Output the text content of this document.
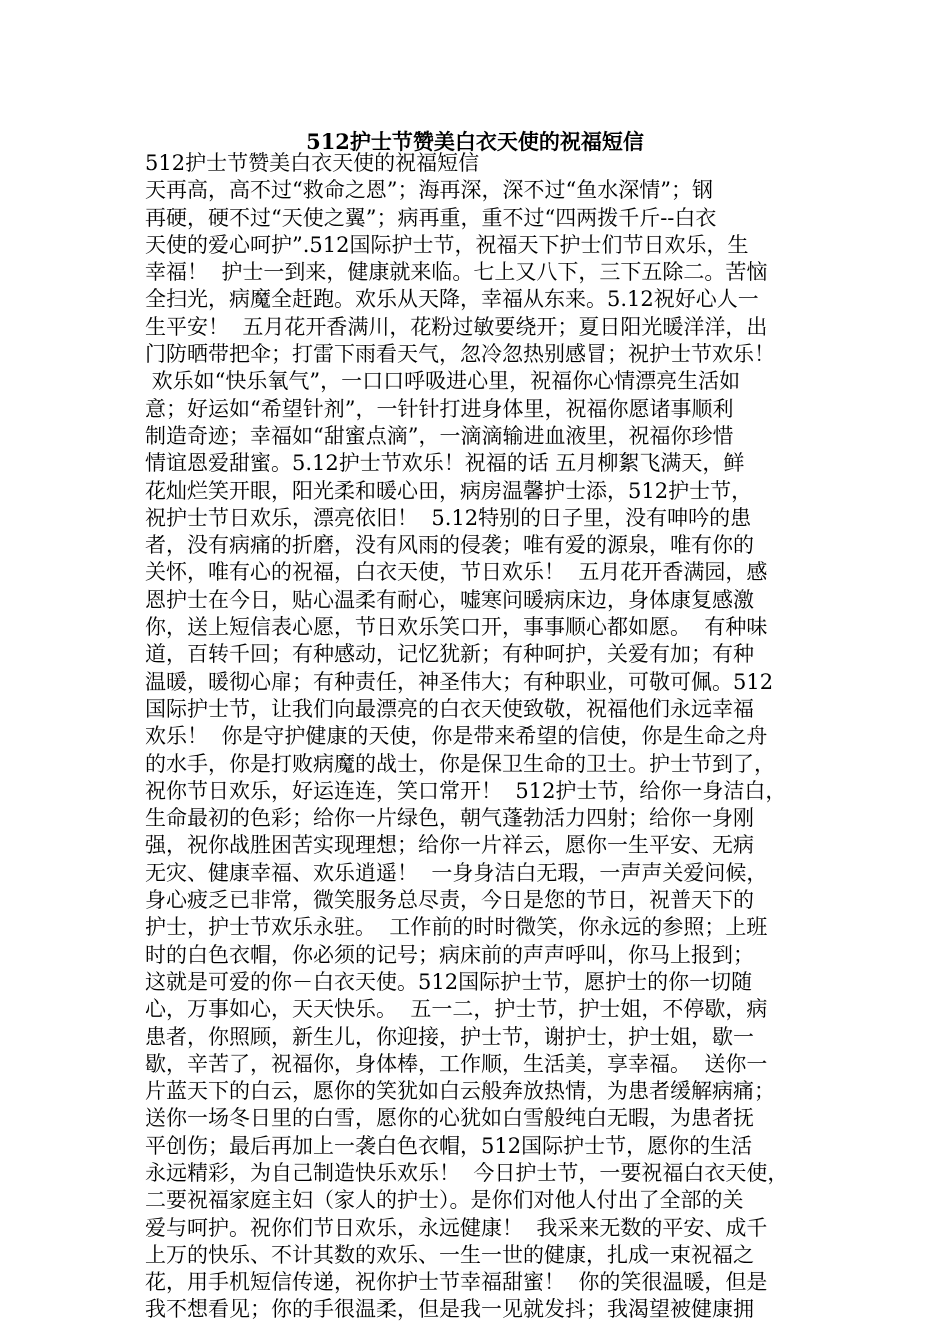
512护士节赞美白衣天使的祝福短信
512护士节赞美白衣天使的祝福短信
天再高，高不过“救命之恩”；海再深，深不过“鱼水深情”；钢
再硬，硬不过“天使之翼”；病再重，重不过“四两拨千斤--白衣
天使的爱心呵护”.512国际护士节，祝福天下护士们节日欢乐，生
幸福！  护士一到来，健康就来临。七上又八下，三下五除二。苦恼
全扫光，病魔全赶跑。欢乐从天降，幸福从东来。5.12祝好心人一
生平安！  五月花开香满川，花粉过敏要绕开；夏日阳光暖洋洋，出
门防晒带把伞；打雷下雨看天气，忽冷忽热别感冒；祝护士节欢乐！
欢乐如“快乐氧气”，一口口呼吸进心里，祝福你心情漂亮生活如
意；好运如“希望针剂”，一针针打进身体里，祝福你愿诸事顺利
制造奇迹；幸福如“甜蜜点滴”，一滴滴输进血液里，祝福你珍惜
情谊恩爱甜蜜。5.12护士节欢乐！祝福的话 五月柳絮飞满天，鲜
花灿烂笑开眼，阳光柔和暖心田，病房温馨护士添，512护士节，
祝护士节日欢乐，漂亮依旧！  5.12特别的日子里，没有呻吟的患
者，没有病痛的折磨，没有风雨的侵袭；唯有爱的源泉，唯有你的
关怀，唯有心的祝福，白衣天使，节日欢乐！  五月花开香满园，感
恩护士在今日，贴心温柔有耐心，嘘寒问暖病床边，身体康复感激
你，送上短信表心愿，节日欢乐笑口开，事事顺心都如愿。  有种味
道，百转千回；有种感动，记忆犹新；有种呵护，关爱有加；有种
温暖，暖彻心扉；有种责任，神圣伟大；有种职业，可敬可佩。512
国际护士节，让我们向最漂亮的白衣天使致敬，祝福他们永远幸福
欢乐！  你是守护健康的天使，你是带来希望的信使，你是生命之舟
的水手，你是打败病魔的战士，你是保卫生命的卫士。护士节到了，
祝你节日欢乐，好运连连，笑口常开！  512护士节，给你一身洁白，
生命最初的色彩；给你一片绿色，朝气蓬勃活力四射；给你一身刚
强，祝你战胜困苦实现理想；给你一片祥云，愿你一生平安、无病
无灾、健康幸福、欢乐逍遥！  一身身洁白无瑕，一声声关爱问候，
身心疲乏已非常，微笑服务总尽责，今日是您的节日，祝普天下的
护士，护士节欢乐永驻。  工作前的时时微笑，你永远的参照；上班
时的白色衣帽，你必须的记号；病床前的声声呼叫，你马上报到；
这就是可爱的你－白衣天使。512国际护士节，愿护士的你一切随
心，万事如心，天天快乐。  五一二，护士节，护士姐，不停歇，病
患者，你照顾，新生儿，你迎接，护士节，谢护士，护士姐，歇一
歇，辛苦了，祝福你，身体棒，工作顺，生活美，享幸福。  送你一
片蓝天下的白云，愿你的笑犹如白云般奔放热情，为患者缓解病痛；
送你一场冬日里的白雪，愿你的心犹如白雪般纯白无暇，为患者抚
平创伤；最后再加上一袭白色衣帽，512国际护士节，愿你的生活
永远精彩，为自己制造快乐欢乐！  今日护士节，一要祝福白衣天使，
二要祝福家庭主妇（家人的护士）。是你们对他人付出了全部的关
爱与呵护。祝你们节日欢乐，永远健康！  我采来无数的平安、成千
上万的快乐、不计其数的欢乐、一生一世的健康，扎成一束祝福之
花，用手机短信传递，祝你护士节幸福甜蜜！  你的笑很温暖，但是
我不想看见；你的手很温柔，但是我一见就发抖；我渴望被健康拥
